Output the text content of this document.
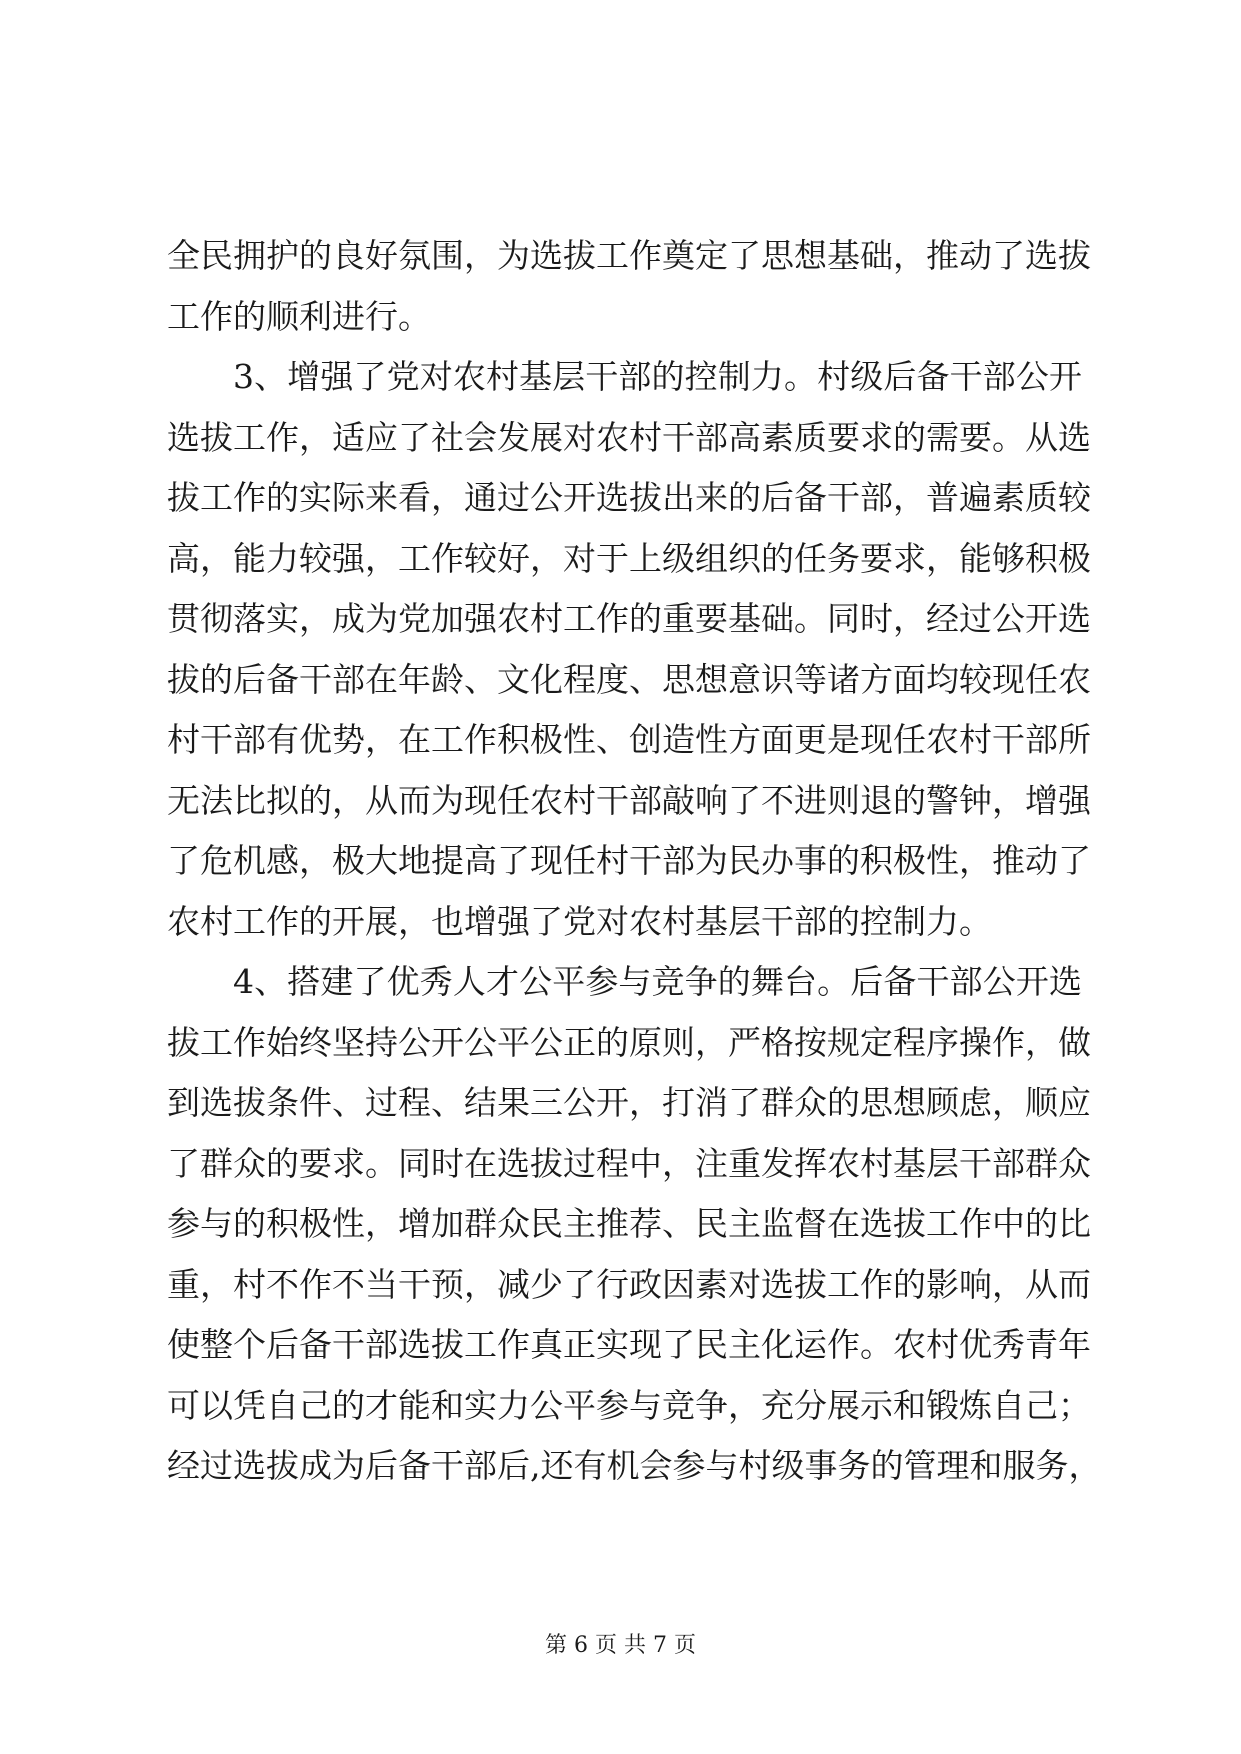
全民拥护的良好氛围，为选拔工作奠定了思想基础，推动了选拔
工作的顺利进行。
3、增强了党对农村基层干部的控制力。村级后备干部公开
选拔工作，适应了社会发展对农村干部高素质要求的需要。从选
拔工作的实际来看，通过公开选拔出来的后备干部，普遍素质较
高，能力较强，工作较好，对于上级组织的任务要求，能够积极
贯彻落实，成为党加强农村工作的重要基础。同时，经过公开选
拔的后备干部在年龄、文化程度、思想意识等诸方面均较现任农
村干部有优势，在工作积极性、创造性方面更是现任农村干部所
无法比拟的，从而为现任农村干部敲响了不进则退的警钟，增强
了危机感，极大地提高了现任村干部为民办事的积极性，推动了
农村工作的开展，也增强了党对农村基层干部的控制力。
4、搭建了优秀人才公平参与竞争的舞台。后备干部公开选
拔工作始终坚持公开公平公正的原则，严格按规定程序操作，做
到选拔条件、过程、结果三公开，打消了群众的思想顾虑，顺应
了群众的要求。同时在选拔过程中，注重发挥农村基层干部群众
参与的积极性，增加群众民主推荐、民主监督在选拔工作中的比
重，村不作不当干预，减少了行政因素对选拔工作的影响，从而
使整个后备干部选拔工作真正实现了民主化运作。农村优秀青年
可以凭自己的才能和实力公平参与竞争，充分展示和锻炼自己；
经过选拔成为后备干部后,还有机会参与村级事务的管理和服务，
第 6 页 共 7 页
